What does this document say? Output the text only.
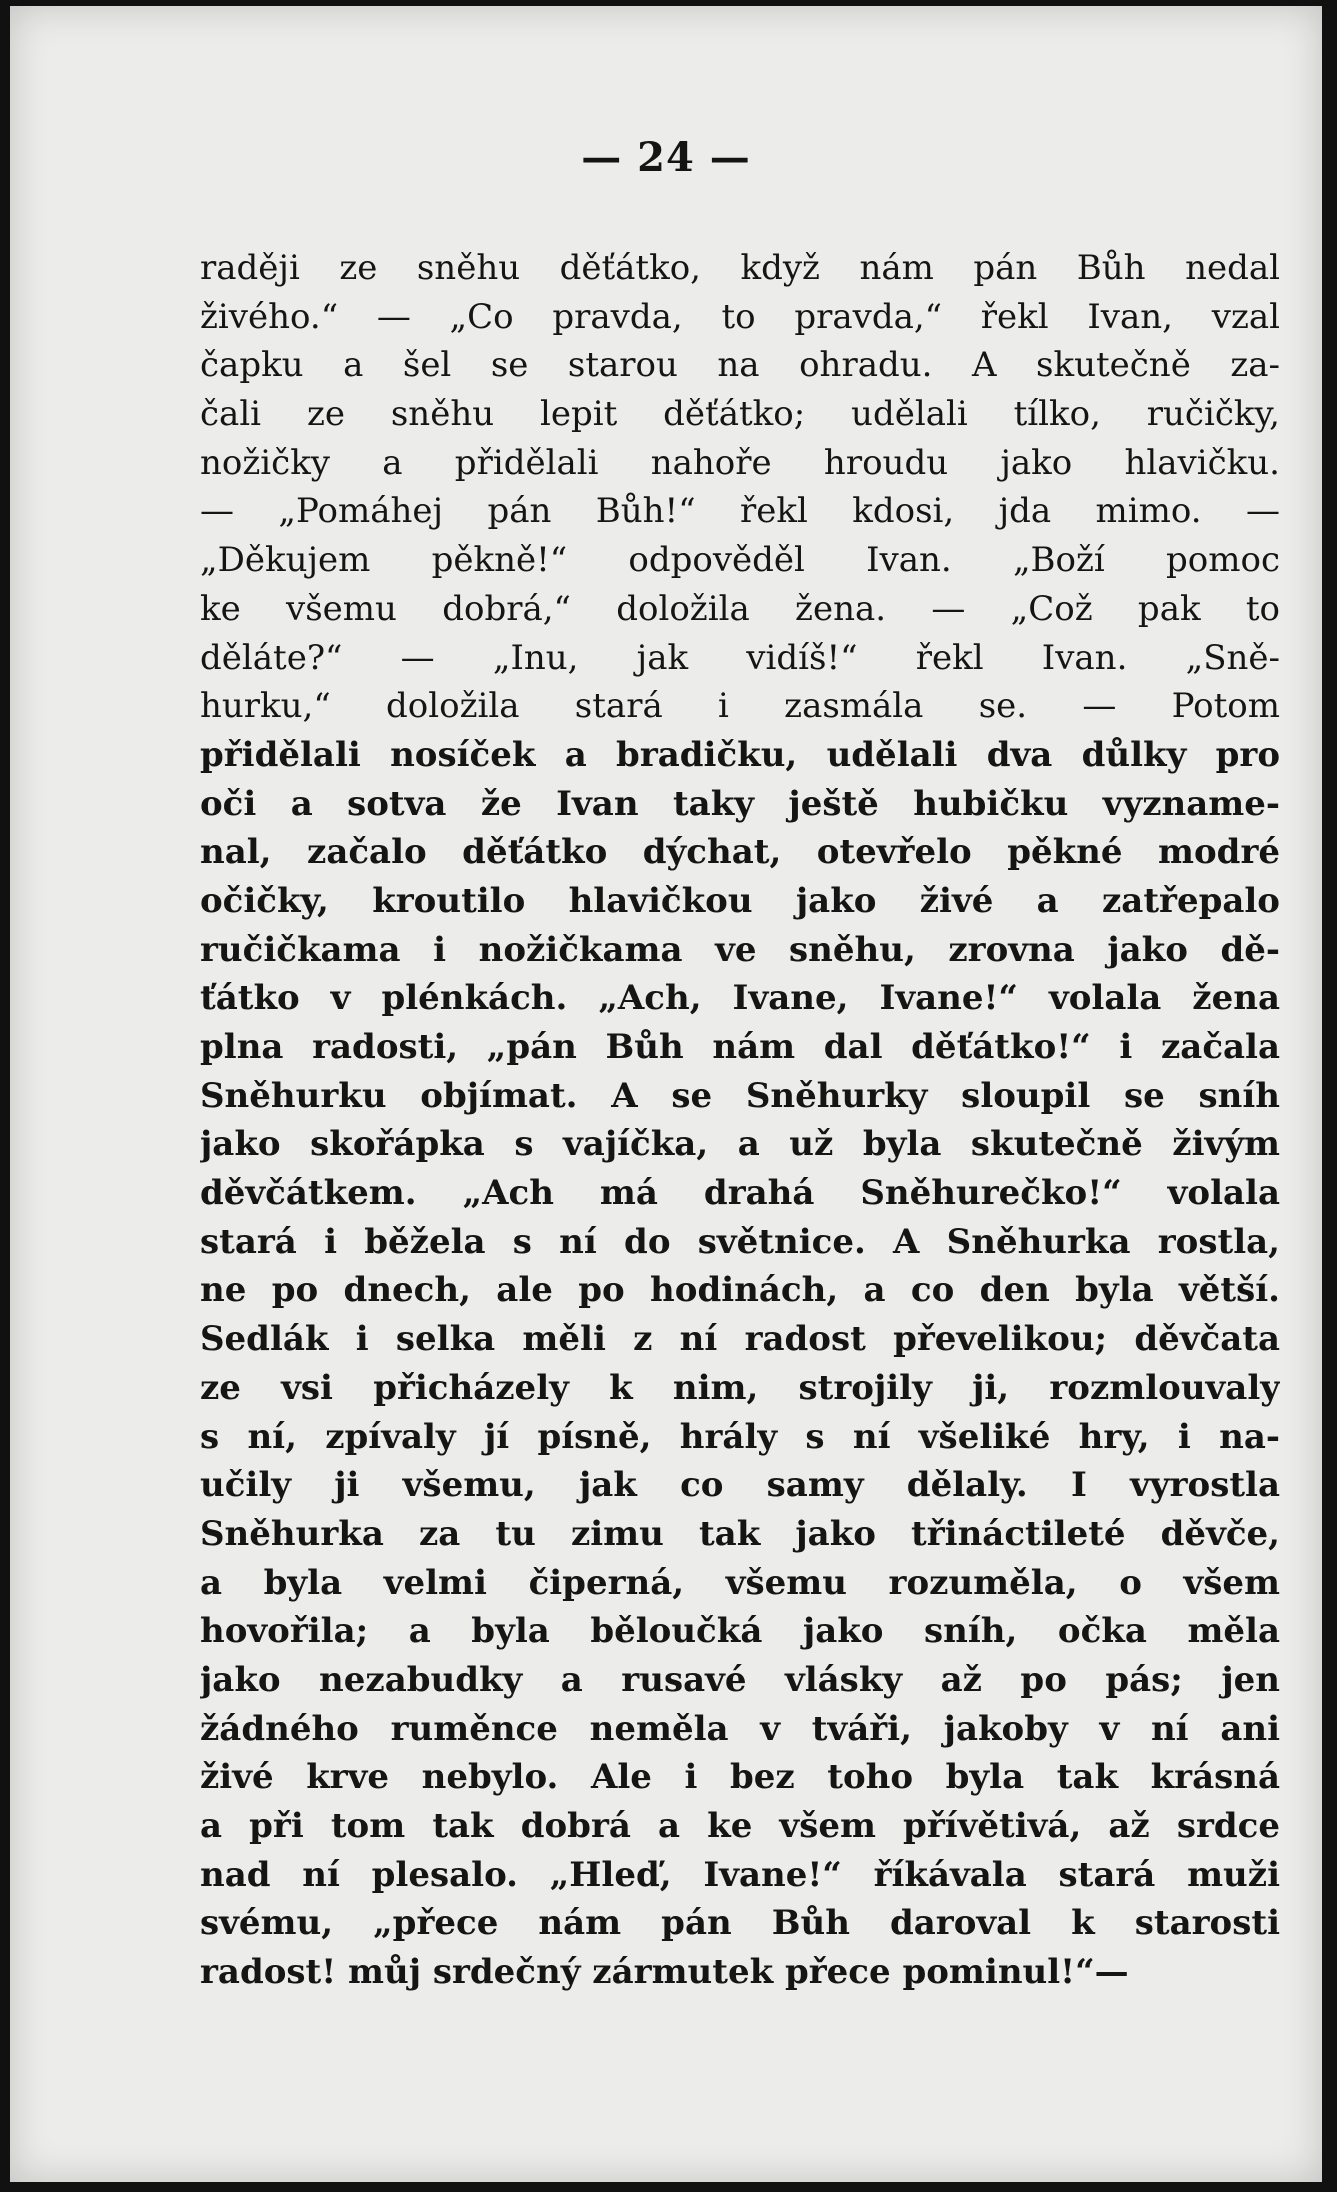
— 24 —
raději ze sněhu děťátko, když nám pán Bůh nedal
živého.“ — „Co pravda, to pravda,“ řekl Ivan, vzal
čapku a šel se starou na ohradu. A skutečně za-
čali ze sněhu lepit děťátko; udělali tílko, ručičky,
nožičky a přidělali nahoře hroudu jako hlavičku.
— „Pomáhej pán Bůh!“ řekl kdosi, jda mimo. —
„Děkujem pěkně!“ odpověděl Ivan. „Boží pomoc
ke všemu dobrá,“ doložila žena. — „Což pak to
děláte?“ — „Inu, jak vidíš!“ řekl Ivan. „Sně-
hurku,“ doložila stará i zasmála se. — Potom
přidělali nosíček a bradičku, udělali dva důlky pro
oči a sotva že Ivan taky ještě hubičku vyzname-
nal, začalo děťátko dýchat, otevřelo pěkné modré
očičky, kroutilo hlavičkou jako živé a zatřepalo
ručičkama i nožičkama ve sněhu, zrovna jako dě-
ťátko v plénkách. „Ach, Ivane, Ivane!“ volala žena
plna radosti, „pán Bůh nám dal děťátko!“ i začala
Sněhurku objímat. A se Sněhurky sloupil se sníh
jako skořápka s vajíčka, a už byla skutečně živým
děvčátkem. „Ach má drahá Sněhurečko!“ volala
stará i běžela s ní do světnice. A Sněhurka rostla,
ne po dnech, ale po hodinách, a co den byla větší.
Sedlák i selka měli z ní radost převelikou; děvčata
ze vsi přicházely k nim, strojily ji, rozmlouvaly
s ní, zpívaly jí písně, hrály s ní všeliké hry, i na-
učily ji všemu, jak co samy dělaly. I vyrostla
Sněhurka za tu zimu tak jako třináctileté děvče,
a byla velmi čiperná, všemu rozuměla, o všem
hovořila; a byla bělоučká jako sníh, očka měla
jako nezabudky a rusavé vlásky až po pás; jen
žádného ruměnce neměla v tváři, jakoby v ní ani
živé krve nebylo. Ale i bez toho byla tak krásná
a při tom tak dobrá a ke všem přívětivá, až srdce
nad ní plesalo. „Hleď, Ivane!“ říkávala stará muži
svému, „přece nám pán Bůh daroval k starosti
radost! můj srdečný zármutek přece pominul!“—
